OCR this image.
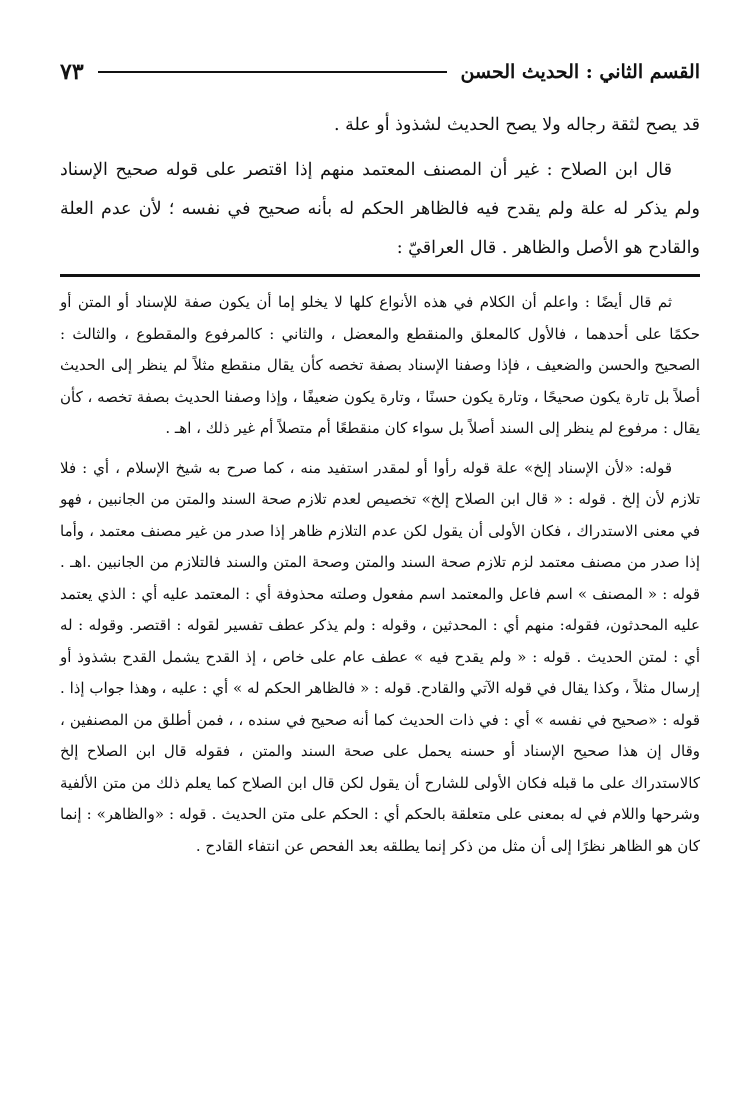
القسم الثاني : الحديث الحسن
٧٣

قد يصح لثقة رجاله ولا يصح الحديث لشذوذ أو علة .

قال ابن الصلاح : غير أن المصنف المعتمد منهم إذا اقتصر على قوله صحيح الإسناد ولم يذكر له علة ولم يقدح فيه فالظاهر الحكم له بأنه صحيح في نفسه ؛ لأن عدم العلة والقادح هو الأصل والظاهر . قال العراقيّ :

ثم قال أيضًا : واعلم أن الكلام في هذه الأنواع كلها لا يخلو إما أن يكون صفة للإسناد أو المتن أو حكمًا على أحدهما ، فالأول كالمعلق والمنقطع والمعضل ، والثاني : كالمرفوع والمقطوع ، والثالث : الصحيح والحسن والضعيف ، فإذا وصفنا الإسناد بصفة تخصه كأن يقال منقطع مثلاً لم ينظر إلى الحديث أصلاً بل تارة يكون صحيحًا ، وتارة يكون حسنًا ، وتارة يكون ضعيفًا ، وإذا وصفنا الحديث بصفة تخصه ، كأن يقال : مرفوع لم ينظر إلى السند أصلاً بل سواء كان منقطعًا أم متصلاً أم غير ذلك ، اهـ .

قوله: «لأن الإسناد إلخ» علة قوله رأوا أو لمقدر استفيد منه ، كما صرح به شيخ الإسلام ، أي : فلا تلازم لأن إلخ . قوله : « قال ابن الصلاح إلخ» تخصيص لعدم تلازم صحة السند والمتن من الجانبين ، فهو في معنى الاستدراك ، فكان الأولى أن يقول لكن عدم التلازم ظاهر إذا صدر من غير مصنف معتمد ، وأما إذا صدر من مصنف معتمد لزم تلازم صحة السند والمتن وصحة المتن والسند فالتلازم من الجانبين .اهـ . قوله : « المصنف » اسم فاعل والمعتمد اسم مفعول وصلته محذوفة أي : المعتمد عليه أي : الذي يعتمد عليه المحدثون، فقوله: منهم أي : المحدثين ، وقوله : ولم يذكر عطف تفسير لقوله : اقتصر. وقوله : له أي : لمتن الحديث . قوله : « ولم يقدح فيه » عطف عام على خاص ، إذ القدح يشمل القدح بشذوذ أو إرسال مثلاً ، وكذا يقال في قوله الآتي والقادح. قوله : « فالظاهر الحكم له » أي : عليه ، وهذا جواب إذا . قوله : «صحيح في نفسه » أي : في ذات الحديث كما أنه صحيح في سنده ، ، فمن أطلق من المصنفين ، وقال إن هذا صحيح الإسناد أو حسنه يحمل على صحة السند والمتن ، فقوله قال ابن الصلاح إلخ كالاستدراك على ما قبله فكان الأولى للشارح أن يقول لكن قال ابن الصلاح كما يعلم ذلك من متن الألفية وشرحها واللام في له بمعنى على متعلقة بالحكم أي : الحكم على متن الحديث . قوله : «والظاهر» : إنما كان هو الظاهر نظرًا إلى أن مثل من ذكر إنما يطلقه بعد الفحص عن انتفاء القادح .
